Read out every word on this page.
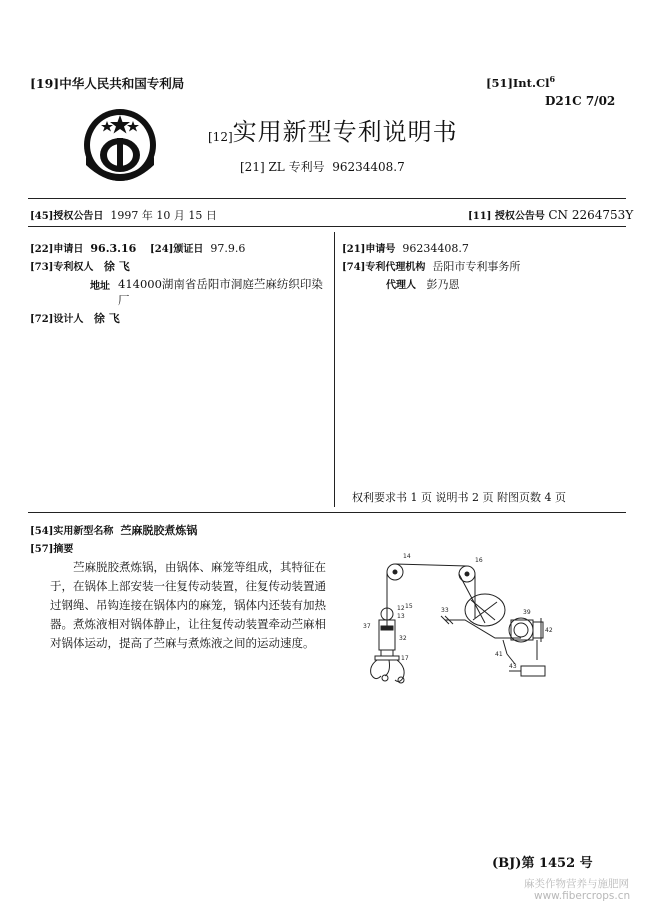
[19]中华人民共和国专利局	[51]Int.Cl$^6$
D21C 7/02
[12]实用新型专利说明书
[21] ZL 专利号 96234408.7
[45]授权公告日 1997 年 10 月 15 日	[11] 授权公告号 CN 2264753Y
[22]申请日 96.3.16 [24]颁证日 97.9.6
[73]专利权人 徐 飞
地址 414000湖南省岳阳市洞庭苎麻纺织印染
厂
[72]设计人 徐 飞
[21]申请号 96234408.7
[74]专利代理机构 岳阳市专利事务所
代理人 彭乃恩
权利要求书 1 页 说明书 2 页 附图页数 4 页
[54]实用新型名称 苎麻脱胶煮炼锅
[57]摘要
苎麻脱胶煮炼锅，由锅体、麻笼等组成，其特征在于，在锅体上部安装一往复传动装置，往复传动装置通过钢绳、吊钩连接在锅体内的麻笼，锅体内还装有加热器。煮炼液相对锅体静止，让往复传动装置牵动苎麻相对锅体运动，提高了苎麻与煮炼液之间的运动速度。
14
16
12
13
15
37
32
17
33	39
42
41
43
(BJ)第 1452 号
麻类作物营养与施肥网
www.fibercrops.cn
